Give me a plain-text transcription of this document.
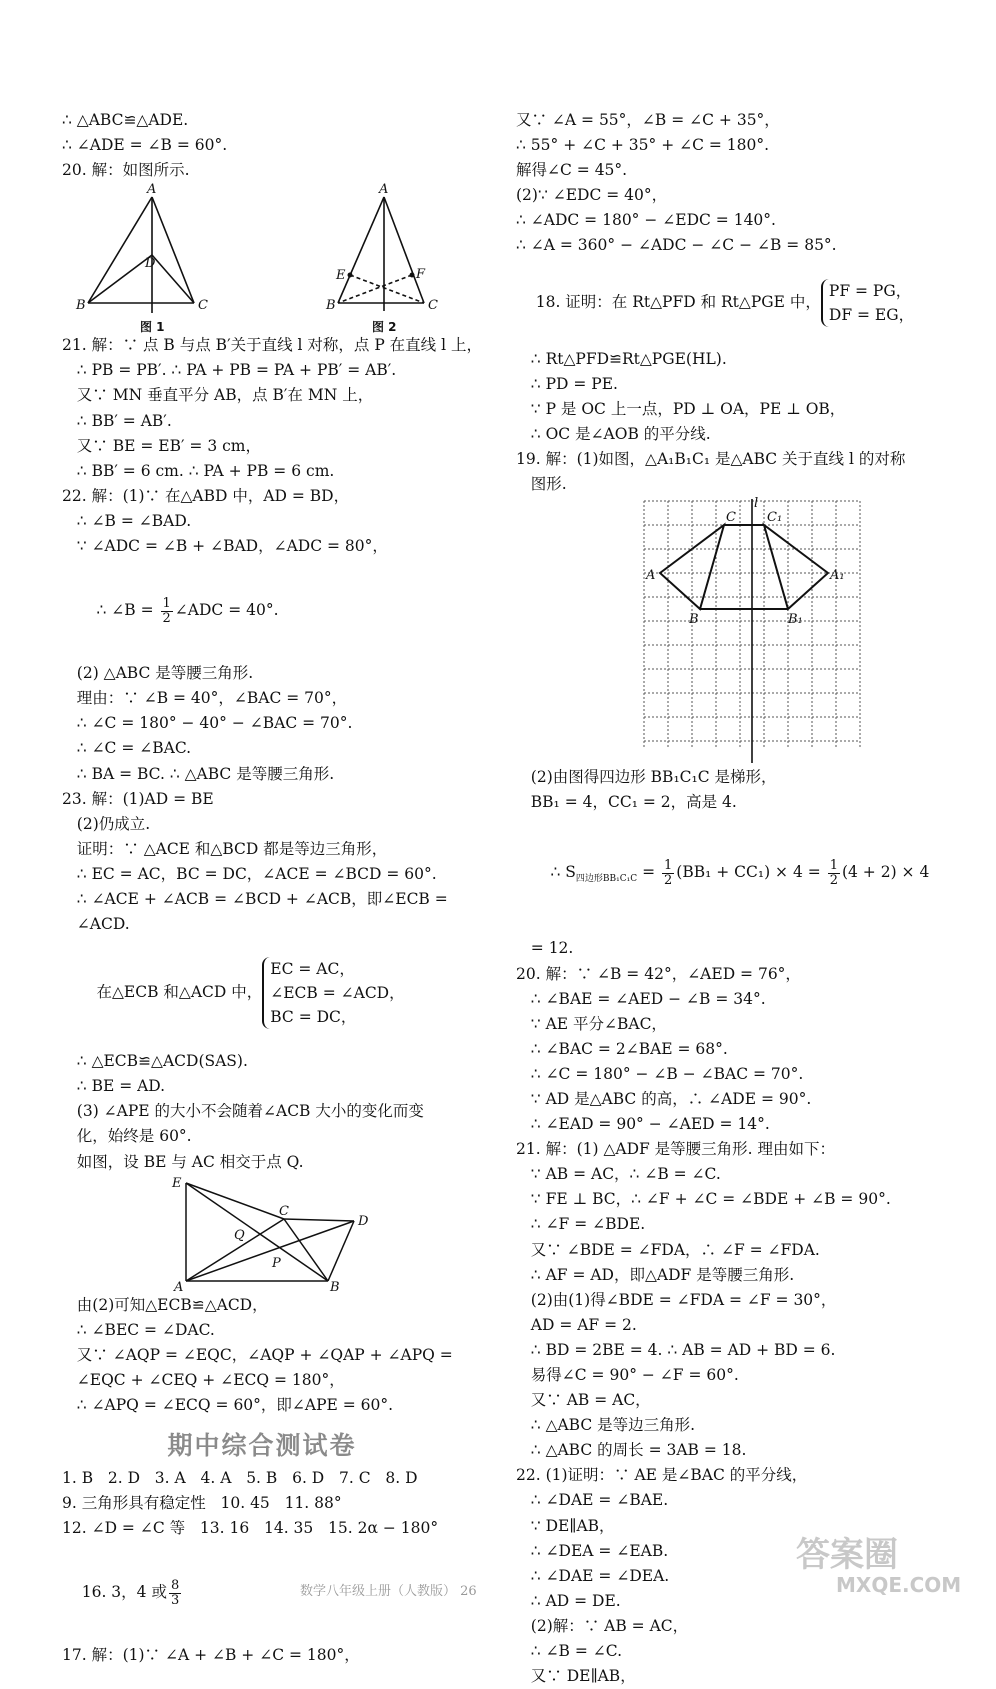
∴ △ABC≌△ADE.
∴ ∠ADE = ∠B = 60°.
20. 解：如图所示.
A
D
B	C
A
E	F
B	C
图 1	图 2
21. 解：∵ 点 B 与点 B′关于直线 l 对称，点 P 在直线 l 上，
∴ PB = PB′. ∴ PA + PB = PA + PB′ = AB′.
又∵ MN 垂直平分 AB，点 B′在 MN 上，
∴ BB′ = AB′.
又∵ BE = EB′ = 3 cm，
∴ BB′ = 6 cm. ∴ PA + PB = 6 cm.
22. 解：(1)∵ 在△ABD 中，AD = BD，
∴ ∠B = ∠BAD.
∵ ∠ADC = ∠B + ∠BAD，∠ADC = 80°，

∴ ∠B = $\frac{1}{2}$ ∠ADC = 40°.

(2) △ABC 是等腰三角形.
理由：∵ ∠B = 40°，∠BAC = 70°，
∴ ∠C = 180° − 40° − ∠BAC = 70°.
∴ ∠C = ∠BAC.
∴ BA = BC. ∴ △ABC 是等腰三角形.
23. 解：(1)AD = BE
(2)仍成立.
证明：∵ △ACE 和△BCD 都是等边三角形，
∴ EC = AC，BC = DC，∠ACE = ∠BCD = 60°.
∴ ∠ACE + ∠ACB = ∠BCD + ∠ACB，即∠ECB =
∠ACD.

在△ECB 和△ACD 中，
EC = AC，
∠ECB = ∠ACD，
BC = DC，

∴ △ECB≌△ACD(SAS).
∴ BE = AD.
(3) ∠APE 的大小不会随着∠ACB 大小的变化而变
化，始终是 60°.
如图，设 BE 与 AC 相交于点 Q.
E
C
D
Q
P
A	B
由(2)可知△ECB≌△ACD，
∴ ∠BEC = ∠DAC.
又∵ ∠AQP = ∠EQC，∠AQP + ∠QAP + ∠APQ =
∠EQC + ∠CEQ + ∠ECQ = 180°，
∴ ∠APQ = ∠ECQ = 60°，即∠APE = 60°.
期中综合测试卷
1. B   2. D   3. A   4. A   5. B   6. D   7. C   8. D
9. 三角形具有稳定性   10. 45   11. 88°
12. ∠D = ∠C 等   13. 16   14. 35   15. 2α − 180°

16. 3，4 或 $\frac{8}{3}$

17. 解：(1)∵ ∠A + ∠B + ∠C = 180°，
又∵ ∠A = 55°，∠B = ∠C + 35°，
∴ 55° + ∠C + 35° + ∠C = 180°.
解得∠C = 45°.
(2)∵ ∠EDC = 40°，
∴ ∠ADC = 180° − ∠EDC = 140°.
∴ ∠A = 360° − ∠ADC − ∠C − ∠B = 85°.

18. 证明：在 Rt△PFD 和 Rt△PGE 中，
PF = PG，
DF = EG，

∴ Rt△PFD≌Rt△PGE(HL).
∴ PD = PE.
∵ P 是 OC 上一点，PD ⊥ OA，PE ⊥ OB，
∴ OC 是∠AOB 的平分线.
19. 解：(1)如图，△A₁B₁C₁ 是△ABC 关于直线 l 的对称
图形.
l
C C₁
A	A₁
B	B₁
(2)由图得四边形 BB₁C₁C 是梯形，
BB₁ = 4，CC₁ = 2，高是 4.

∴ $S_{四边形BB_1C_1C} = \frac{1}{2} (BB_1 + CC_1) \times 4 = \frac{1}{2} (4 + 2) \times 4$

= 12.
20. 解：∵ ∠B = 42°，∠AED = 76°，
∴ ∠BAE = ∠AED − ∠B = 34°.
∵ AE 平分∠BAC，
∴ ∠BAC = 2∠BAE = 68°.
∴ ∠C = 180° − ∠B − ∠BAC = 70°.
∵ AD 是△ABC 的高，∴ ∠ADE = 90°.
∴ ∠EAD = 90° − ∠AED = 14°.
21. 解：(1) △ADF 是等腰三角形. 理由如下：
∵ AB = AC，∴ ∠B = ∠C.
∵ FE ⊥ BC，∴ ∠F + ∠C = ∠BDE + ∠B = 90°.
∴ ∠F = ∠BDE.
又∵ ∠BDE = ∠FDA，∴ ∠F = ∠FDA.
∴ AF = AD，即△ADF 是等腰三角形.
(2)由(1)得∠BDE = ∠FDA = ∠F = 30°，
AD = AF = 2.
∴ BD = 2BE = 4. ∴ AB = AD + BD = 6.
易得∠C = 90° − ∠F = 60°.
又∵ AB = AC，
∴ △ABC 是等边三角形.
∴ △ABC 的周长 = 3AB = 18.
22. (1)证明：∵ AE 是∠BAC 的平分线，
∴ ∠DAE = ∠BAE.
∵ DE∥AB，
∴ ∠DEA = ∠EAB.
∴ ∠DAE = ∠DEA.
∴ AD = DE.
(2)解：∵ AB = AC，
∴ ∠B = ∠C.
又∵ DE∥AB，
答案圈
MXQE.COM
数学八年级上册（人教版） 26
